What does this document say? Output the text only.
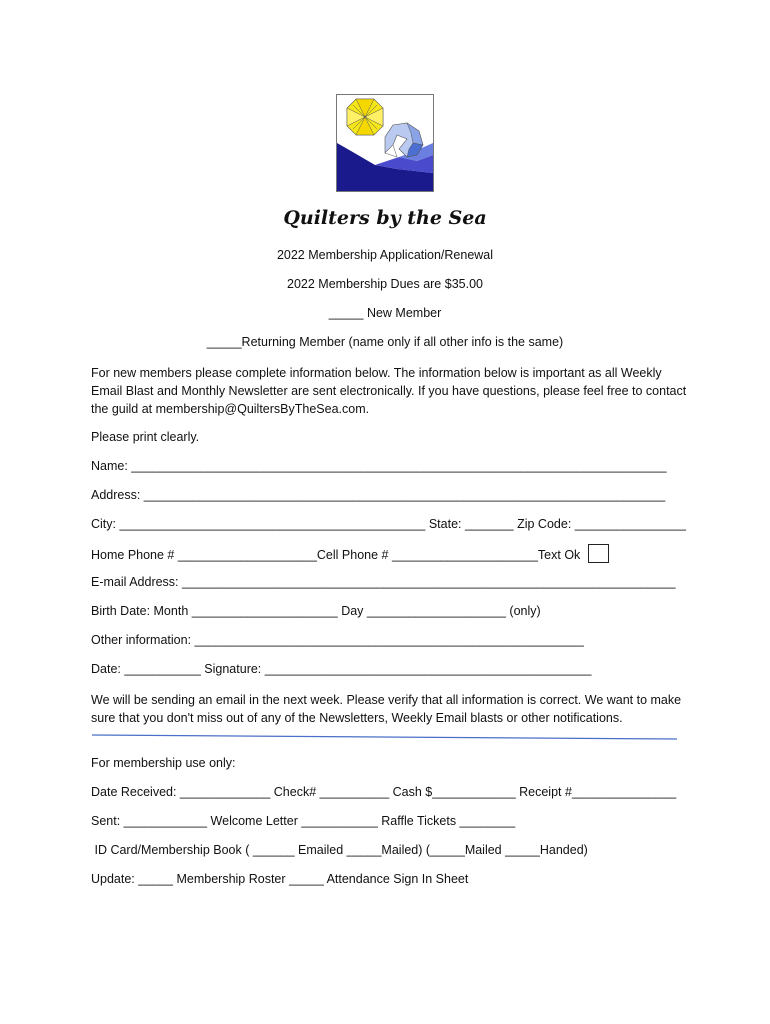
Quilters by the Sea
2022 Membership Application/Renewal
2022 Membership Dues are $35.00
_____ New Member
_____Returning Member (name only if all other info is the same)
For new members please complete information below. The information below is important as all Weekly Email Blast and Monthly Newsletter are sent electronically. If you have questions, please feel free to contact the guild at membership@QuiltersByTheSea.com.
Please print clearly.
Name: _____________________________________________________________________________
Address: ___________________________________________________________________________
City: ____________________________________________ State: _______ Zip Code: ________________
Home Phone # ____________________Cell Phone # _____________________Text Ok
E-mail Address: _______________________________________________________________________
Birth Date: Month _____________________ Day ____________________ (only)
Other information: ________________________________________________________
Date: ___________ Signature: _______________________________________________
We will be sending an email in the next week. Please verify that all information is correct. We want to make sure that you don't miss out of any of the Newsletters, Weekly Email blasts or other notifications.
For membership use only:
Date Received: _____________ Check# __________ Cash $____________ Receipt #_______________
Sent: ____________ Welcome Letter ___________ Raffle Tickets ________
ID Card/Membership Book ( ______ Emailed _____Mailed) (_____Mailed _____Handed)
Update: _____ Membership Roster _____ Attendance Sign In Sheet
